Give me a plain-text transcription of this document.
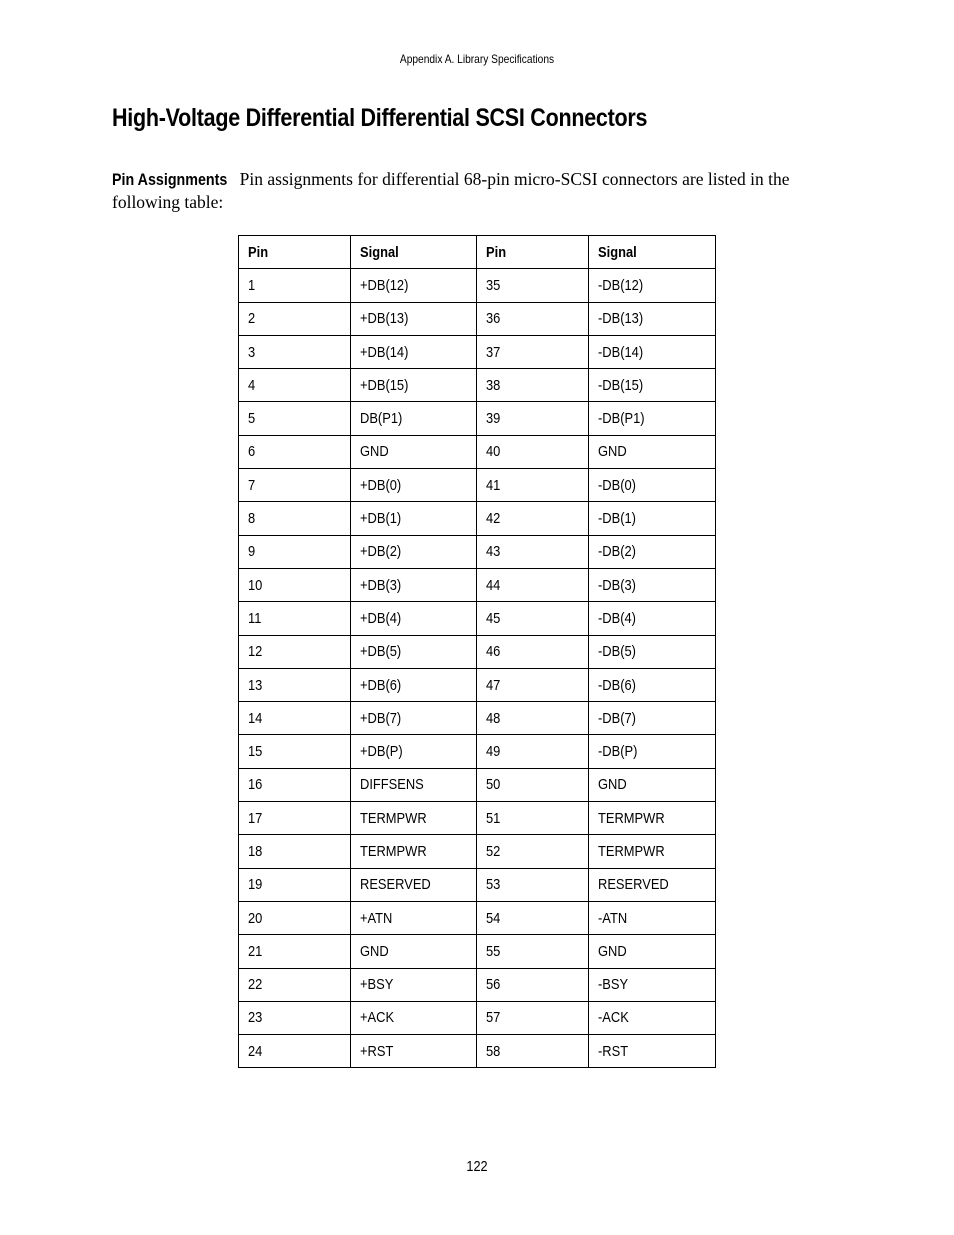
Appendix A. Library Specifications
High-Voltage Differential Differential SCSI Connectors

Pin Assignments Pin assignments for differential 68-pin micro-SCSI connectors are listed in the following table:

Pin	Signal	Pin	Signal
1	+DB(12)	35	-DB(12)
2	+DB(13)	36	-DB(13)
3	+DB(14)	37	-DB(14)
4	+DB(15)	38	-DB(15)
5	DB(P1)	39	-DB(P1)
6	GND	40	GND
7	+DB(0)	41	-DB(0)
8	+DB(1)	42	-DB(1)
9	+DB(2)	43	-DB(2)
10	+DB(3)	44	-DB(3)
11	+DB(4)	45	-DB(4)
12	+DB(5)	46	-DB(5)
13	+DB(6)	47	-DB(6)
14	+DB(7)	48	-DB(7)
15	+DB(P)	49	-DB(P)
16	DIFFSENS	50	GND
17	TERMPWR	51	TERMPWR
18	TERMPWR	52	TERMPWR
19	RESERVED	53	RESERVED
20	+ATN	54	-ATN
21	GND	55	GND
22	+BSY	56	-BSY
23	+ACK	57	-ACK
24	+RST	58	-RST
122
